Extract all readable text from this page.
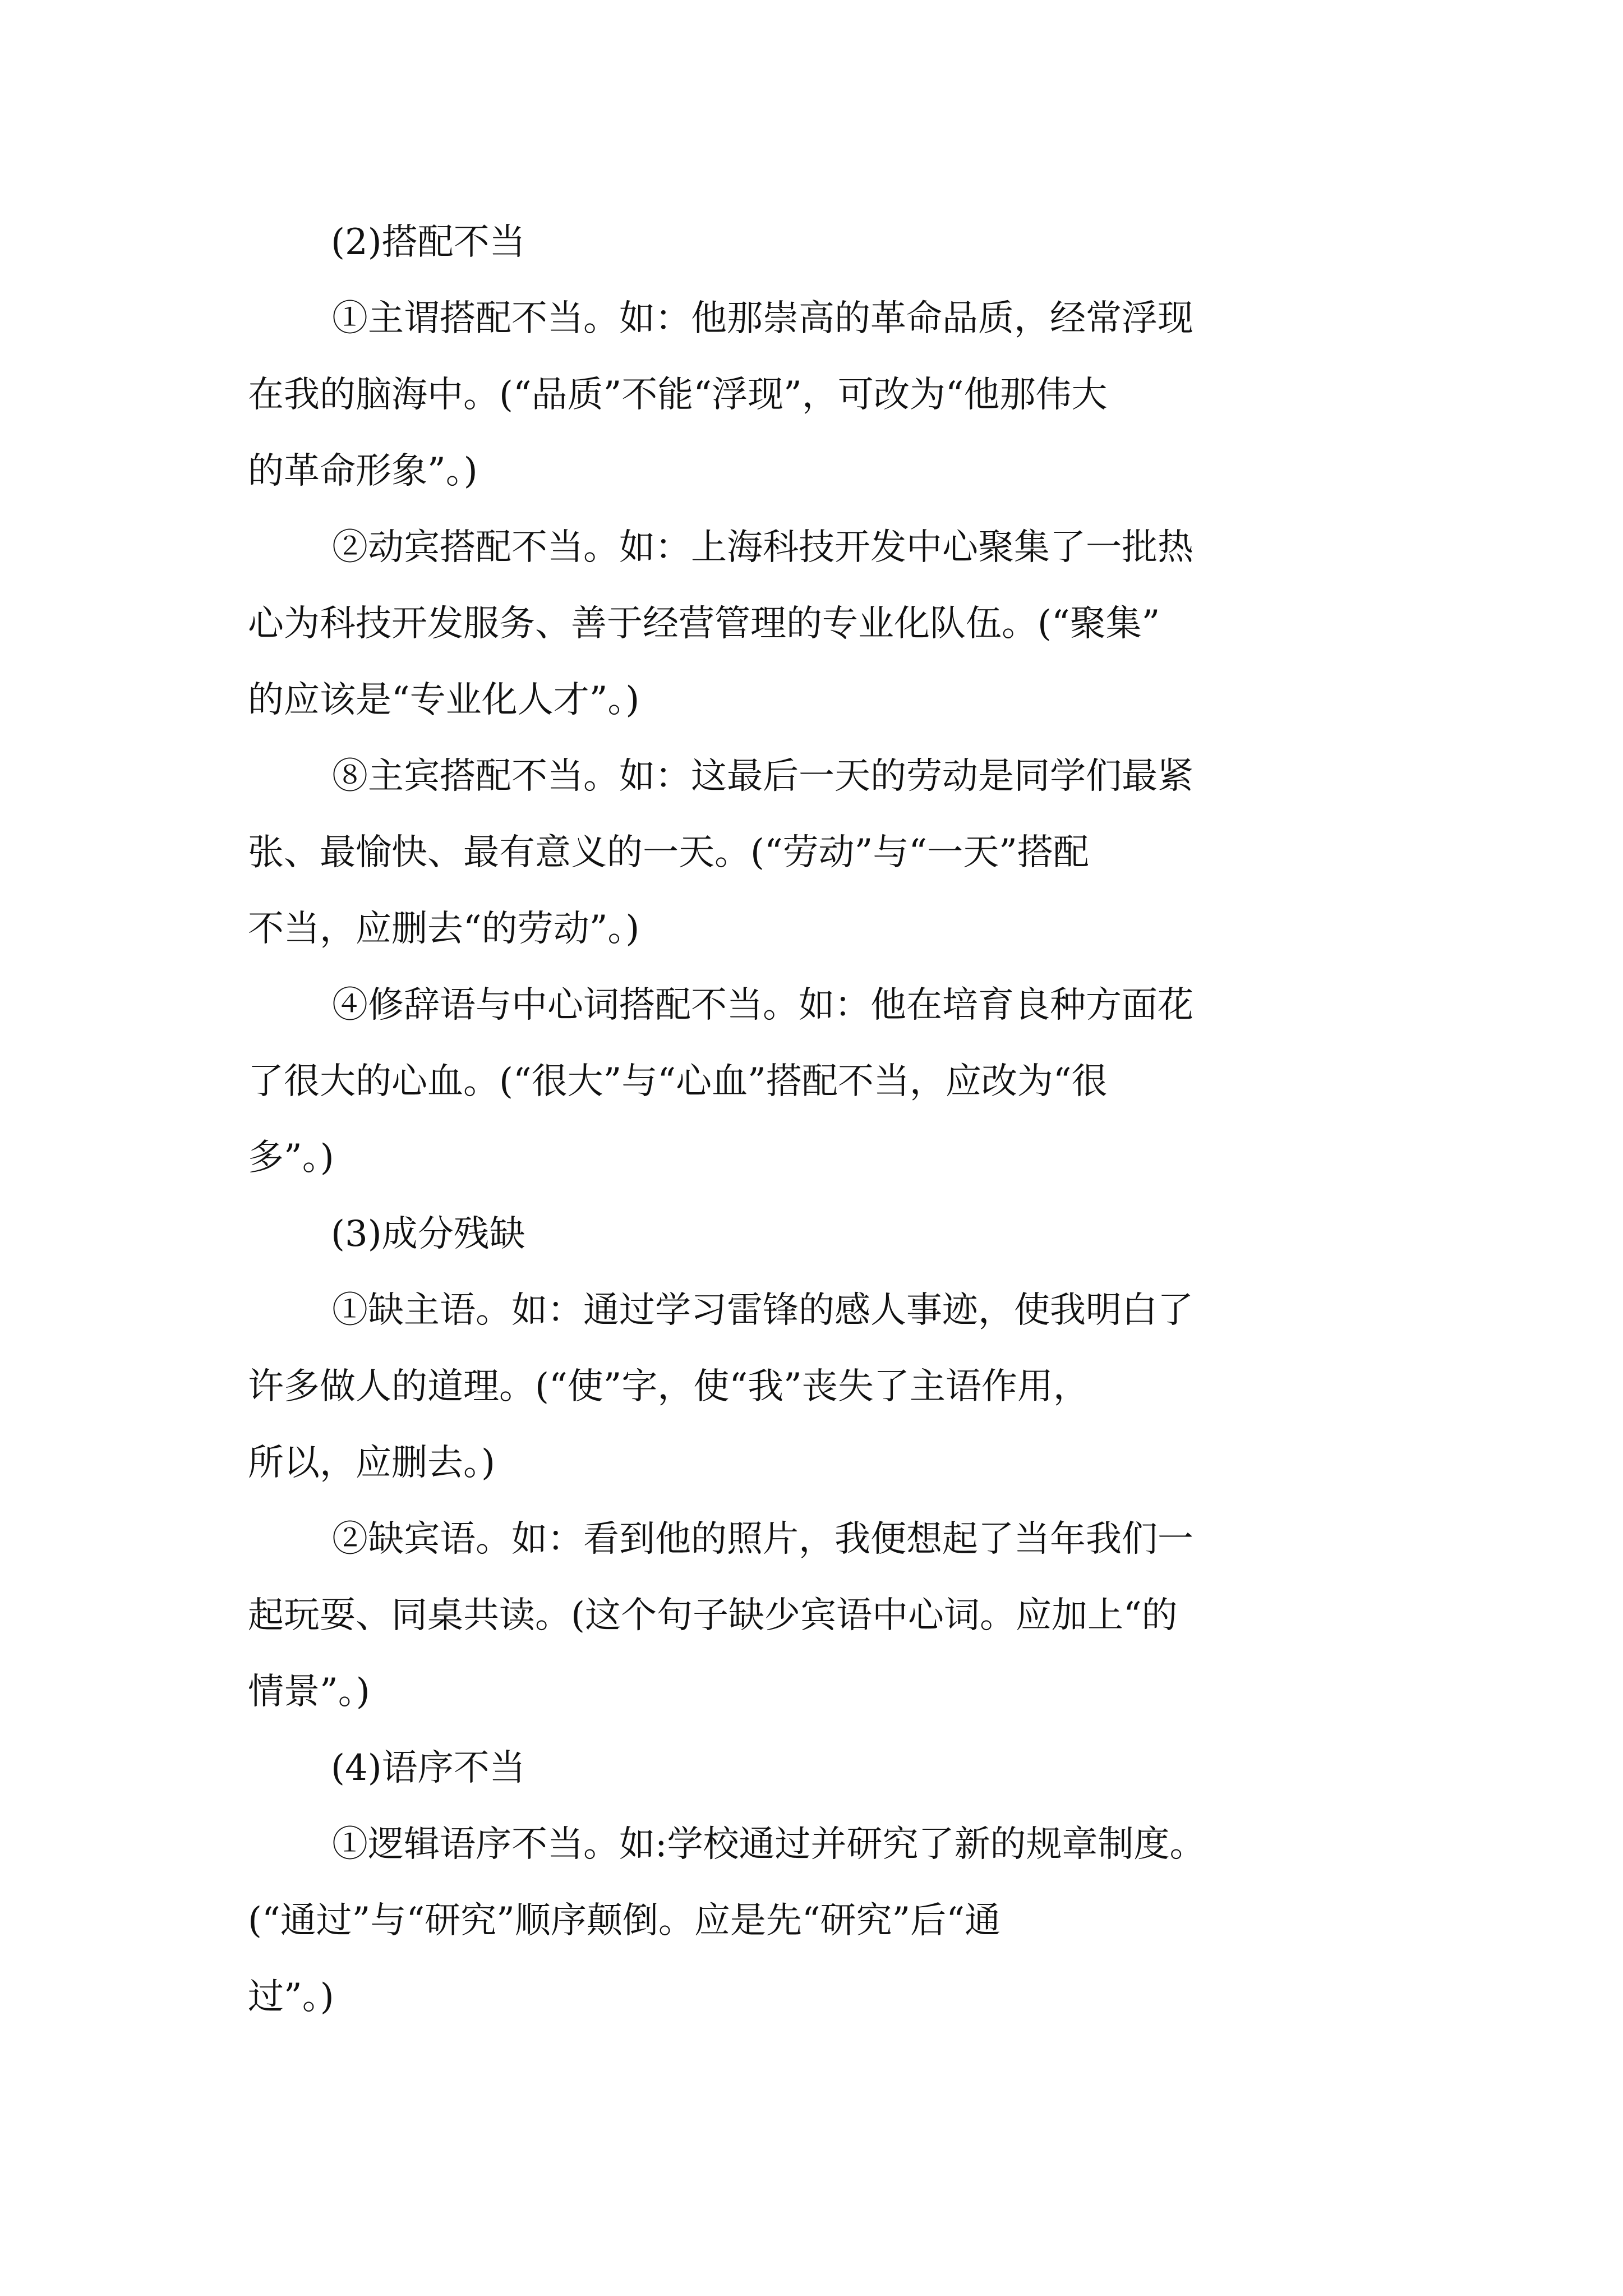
(2)搭配不当
①主谓搭配不当。如：他那崇高的革命品质，经常浮现
在我的脑海中。(“品质”不能“浮现”，可改为“他那伟大
的革命形象”。)
②动宾搭配不当。如：上海科技开发中心聚集了一批热
心为科技开发服务、善于经营管理的专业化队伍。(“聚集”
的应该是“专业化人才”。)
⑧主宾搭配不当。如：这最后一天的劳动是同学们最紧
张、最愉快、最有意义的一天。(“劳动”与“一天”搭配
不当，应删去“的劳动”。)
④修辞语与中心词搭配不当。如：他在培育良种方面花
了很大的心血。(“很大”与“心血”搭配不当，应改为“很
多”。)
(3)成分残缺
①缺主语。如：通过学习雷锋的感人事迹，使我明白了
许多做人的道理。(“使”字，使“我”丧失了主语作用，
所以，应删去。)
②缺宾语。如：看到他的照片，我便想起了当年我们一
起玩耍、同桌共读。(这个句子缺少宾语中心词。应加上“的
情景”。)
(4)语序不当
①逻辑语序不当。如:学校通过并研究了新的规章制度。
(“通过”与“研究”顺序颠倒。应是先“研究”后“通
过”。)
